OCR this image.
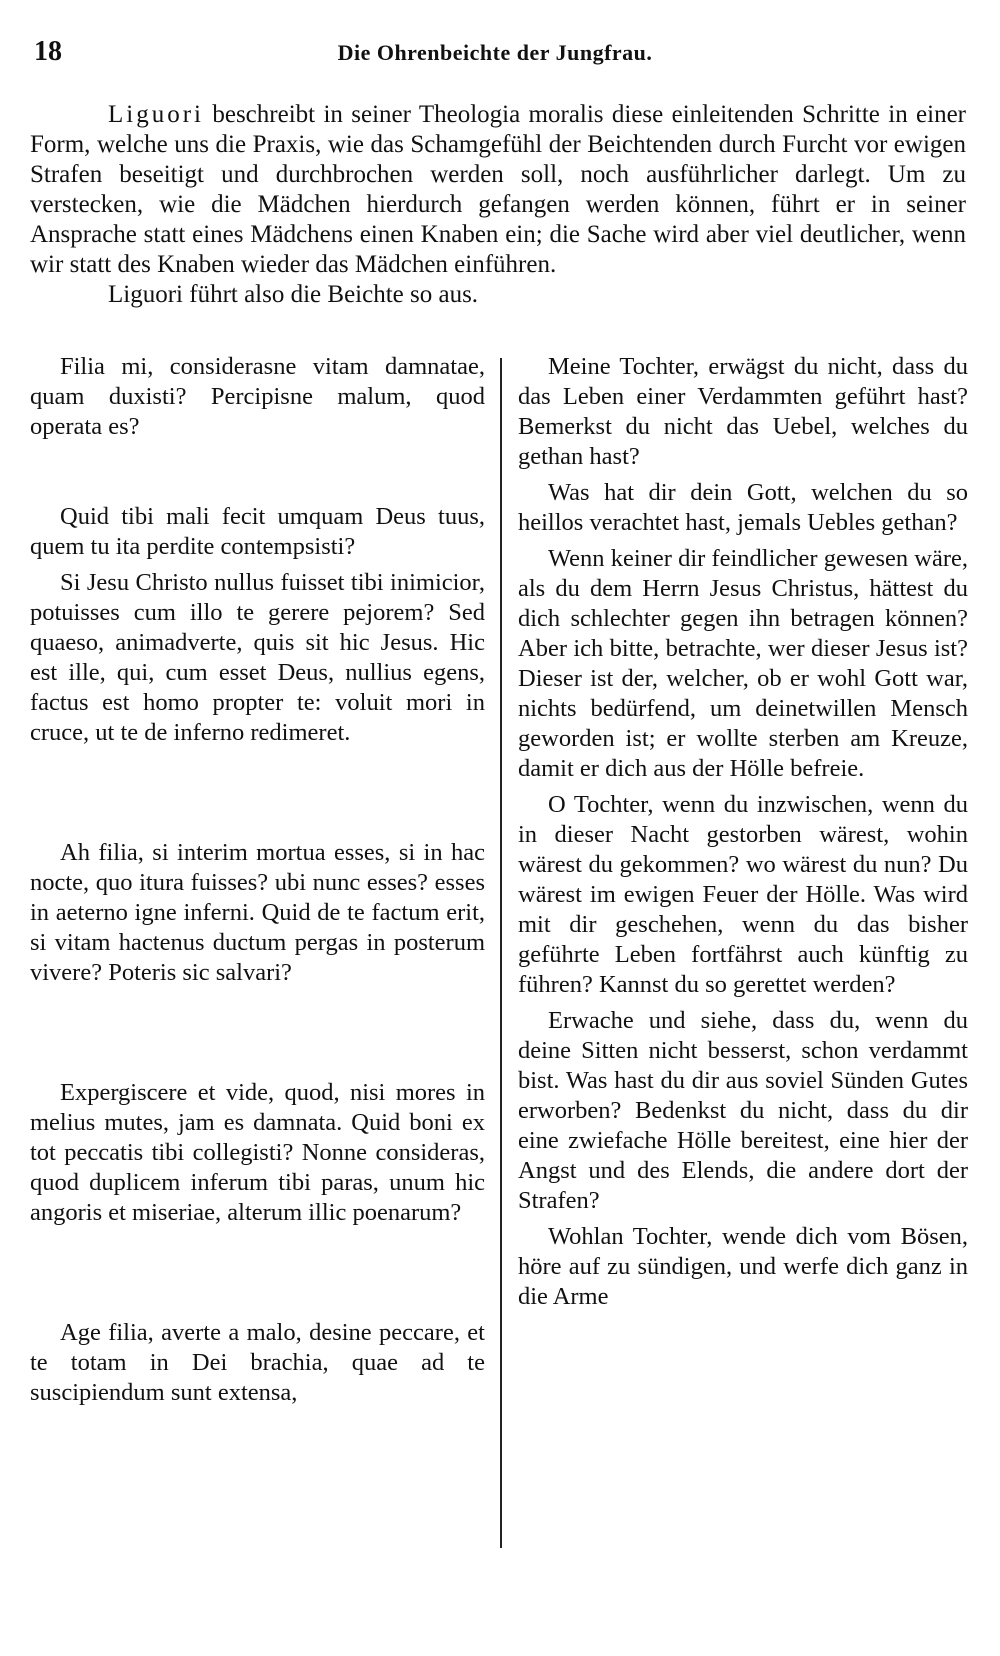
18	Die Ohrenbeichte der Jungfrau.

Liguori beschreibt in seiner Theologia moralis diese einleitenden Schritte in einer Form, welche uns die Praxis, wie das Schamgefühl der Beichtenden durch Furcht vor ewigen Strafen beseitigt und durchbrochen werden soll, noch ausführlicher darlegt. Um zu verstecken, wie die Mädchen hierdurch gefangen werden können, führt er in seiner Ansprache statt eines Mädchens einen Knaben ein; die Sache wird aber viel deutlicher, wenn wir statt des Knaben wieder das Mädchen einführen.

Liguori führt also die Beichte so aus.

Filia mi, considerasne vitam damnatae, quam duxisti? Percipisne malum, quod operata es?

Quid tibi mali fecit umquam Deus tuus, quem tu ita perdite contempsisti?

Si Jesu Christo nullus fuisset tibi inimicior, potuisses cum illo te gerere pejorem? Sed quaeso, animadverte, quis sit hic Jesus. Hic est ille, qui, cum esset Deus, nullius egens, factus est homo propter te: voluit mori in cruce, ut te de inferno redimeret.

Ah filia, si interim mortua esses, si in hac nocte, quo itura fuisses? ubi nunc esses? esses in aeterno igne inferni. Quid de te factum erit, si vitam hactenus ductum pergas in posterum vivere? Poteris sic salvari?

Expergiscere et vide, quod, nisi mores in melius mutes, jam es damnata. Quid boni ex tot peccatis tibi collegisti? Nonne consideras, quod duplicem inferum tibi paras, unum hic angoris et miseriae, alterum illic poenarum?

Age filia, averte a malo, desine peccare, et te totam in Dei brachia, quae ad te suscipiendum sunt extensa,

Meine Tochter, erwägst du nicht, dass du das Leben einer Verdammten geführt hast? Bemerkst du nicht das Uebel, welches du gethan hast?

Was hat dir dein Gott, welchen du so heillos verachtet hast, jemals Uebles gethan?

Wenn keiner dir feindlicher gewesen wäre, als du dem Herrn Jesus Christus, hättest du dich schlechter gegen ihn betragen können? Aber ich bitte, betrachte, wer dieser Jesus ist? Dieser ist der, welcher, ob er wohl Gott war, nichts bedürfend, um deinetwillen Mensch geworden ist; er wollte sterben am Kreuze, damit er dich aus der Hölle befreie.

O Tochter, wenn du inzwischen, wenn du in dieser Nacht gestorben wärest, wohin wärest du gekommen? wo wärest du nun? Du wärest im ewigen Feuer der Hölle. Was wird mit dir geschehen, wenn du das bisher geführte Leben fortfährst auch künftig zu führen? Kannst du so gerettet werden?

Erwache und siehe, dass du, wenn du deine Sitten nicht besserst, schon verdammt bist. Was hast du dir aus soviel Sünden Gutes erworben? Bedenkst du nicht, dass du dir eine zwiefache Hölle bereitest, eine hier der Angst und des Elends, die andere dort der Strafen?

Wohlan Tochter, wende dich vom Bösen, höre auf zu sündigen, und werfe dich ganz in die Arme
